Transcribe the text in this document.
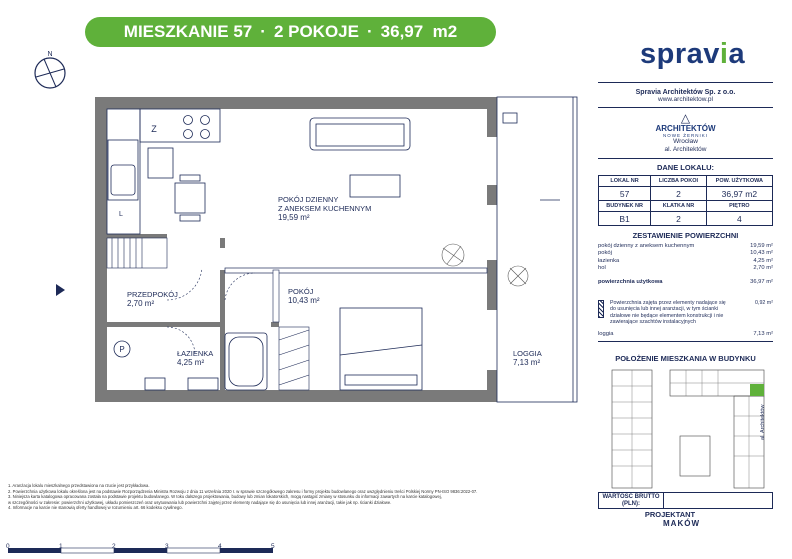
MIESZKANIE 57 · 2 POKOJE · 36,97  m2
spravia
N
Z
L
P
POKÓJ DZIENNY
Z ANEKSEM KUCHENNYM
19,59 m²
POKÓJ
10,43 m²
PRZEDPOKÓJ
2,70 m²
ŁAZIENKA
4,25 m²
LOGGIA
7,13 m²
Spravia Architektów Sp. z o.o.
www.architektow.pl
△
ARCHITEKTÓW
NOWE ŻERNIKI
Wrocław
al. Architektów
DANE LOKALU:
LOKAL NR	LICZBA POKOI	POW. UŻYTKOWA
57	2	36,97 m2
BUDYNEK NR	KLATKA NR	PIĘTRO
B1	2	4
ZESTAWIENIE POWIERZCHNI
pokój dzienny z aneksem kuchennym	19,59 m²
pokój	10,43 m²
łazienka	4,25 m²
hol	2,70 m²
powierzchnia użytkowa	36,97 m²
Powierzchnia zajęta przez elementy nadające się do usunięcia lub innej aranżacji, w tym ścianki działowe nie będące elementem konstrukcji i nie zawierające szachtów instalacyjnych
0,92 m²
loggia	7,13 m²
POŁOŻENIE MIESZKANIA W BUDYNKU
al. Architektów
WARTOŚĆ BRUTTO (PLN):
PROJEKTANT
MAKÓW
1. Aranżacja lokalu mieszkalnego przedstawiona na rzucie jest przykładowa.
2. Powierzchnia użytkowa lokalu określona jest na podstawie Rozporządzenia Ministra Rozwoju z dnia 11 września 2020 r. w sprawie szczegółowego zakresu i formy projektu budowlanego oraz uwzględnieniu treści Polskiej Normy PN-ISO 9836:2022-07.
3. Niniejsza karta katalogowa opracowana została na podstawie projektu budowlanego. W toku dalszego projektowania, budowy lub zmian lokatorskich, mogą nastąpić zmiany w stosunku do informacji zawartych na karcie katalogowej,
w szczególności w zakresie: powierzchni użytkowej, układu pomieszczeń oraz usytuowania lub powierzchni zajętej przez elementy nadające się do usunięcia lub innej aranżacji, takie jak np. ścianki działowe.
4. Informacje na karcie nie stanowią oferty handlowej w rozumieniu art. 66 kodeksu cywilnego.
0	1	2	3	4	5
